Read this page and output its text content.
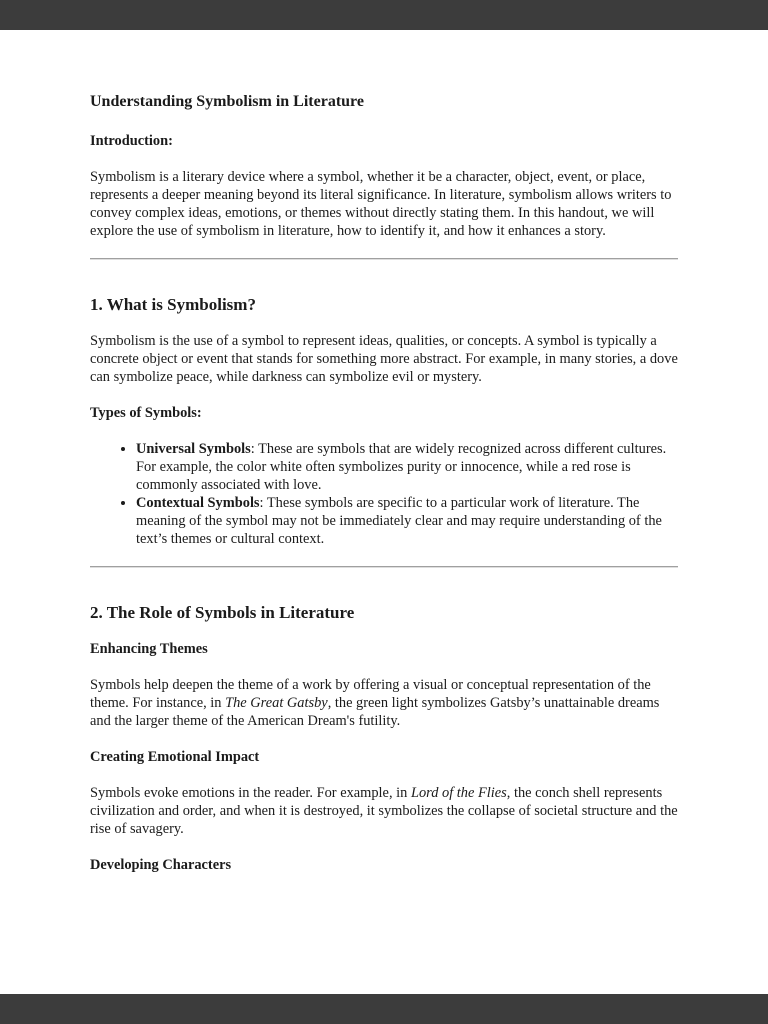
Understanding Symbolism in Literature
Introduction:

Symbolism is a literary device where a symbol, whether it be a character, object, event, or place, represents a deeper meaning beyond its literal significance. In literature, symbolism allows writers to convey complex ideas, emotions, or themes without directly stating them. In this handout, we will explore the use of symbolism in literature, how to identify it, and how it enhances a story.

1. What is Symbolism?

Symbolism is the use of a symbol to represent ideas, qualities, or concepts. A symbol is typically a concrete object or event that stands for something more abstract. For example, in many stories, a dove can symbolize peace, while darkness can symbolize evil or mystery.

Types of Symbols:
• Universal Symbols: These are symbols that are widely recognized across different cultures. For example, the color white often symbolizes purity or innocence, while a red rose is commonly associated with love.
• Contextual Symbols: These symbols are specific to a particular work of literature. The meaning of the symbol may not be immediately clear and may require understanding of the text’s themes or cultural context.
2. The Role of Symbols in Literature
Enhancing Themes

Symbols help deepen the theme of a work by offering a visual or conceptual representation of the theme. For instance, in The Great Gatsby, the green light symbolizes Gatsby’s unattainable dreams and the larger theme of the American Dream's futility.

Creating Emotional Impact

Symbols evoke emotions in the reader. For example, in Lord of the Flies, the conch shell represents civilization and order, and when it is destroyed, it symbolizes the collapse of societal structure and the rise of savagery.

Developing Characters
